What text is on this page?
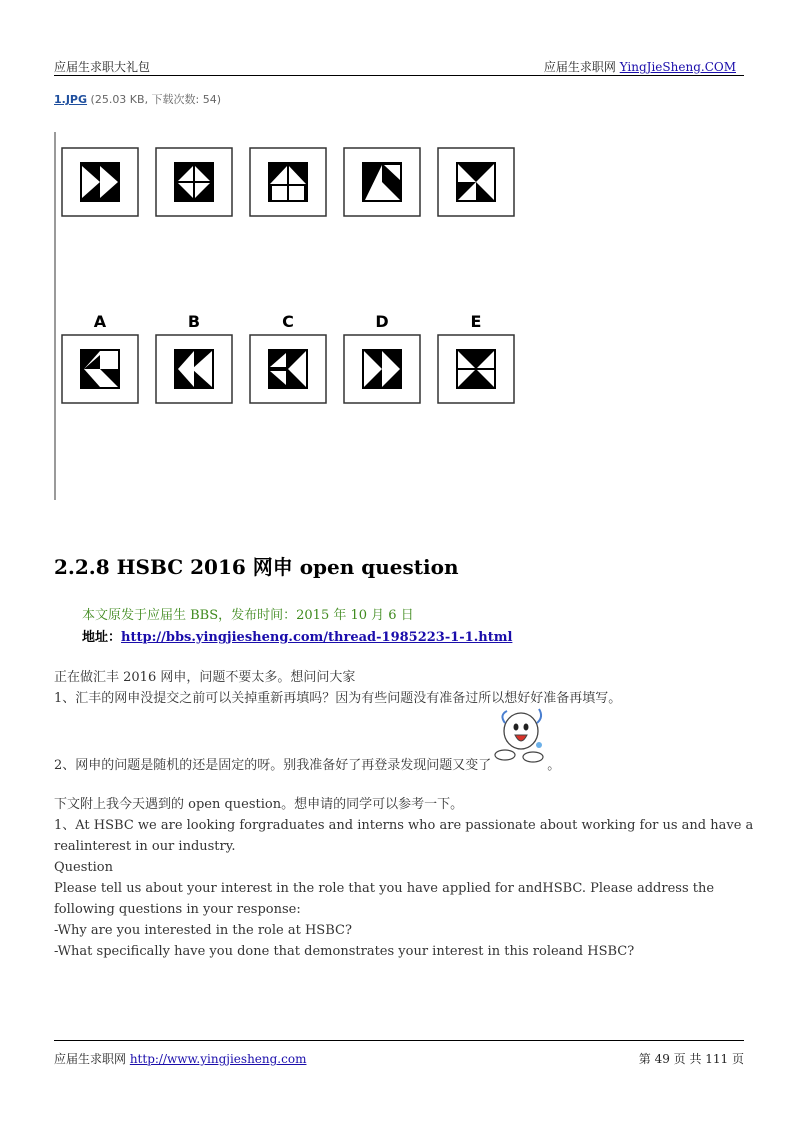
应届生求职大礼包	应届生求职网 YingJieSheng.COM
1.JPG (25.03 KB, 下载次数: 54)
A	B	C	D	E
2.2.8 HSBC 2016 网申 open question
本文原发于应届生 BBS，发布时间：2015 年 10 月 6 日
地址：http://bbs.yingjiesheng.com/thread-1985223-1-1.html
正在做汇丰 2016 网申，问题不要太多。想问问大家
1、汇丰的网申没提交之前可以关掉重新再填吗？因为有些问题没有准备过所以想好好准备再填写。
2、网申的问题是随机的还是固定的呀。别我准备好了再登录发现问题又变了	。
下文附上我今天遇到的 open question。想申请的同学可以参考一下。
1、At HSBC we are looking forgraduates and interns who are passionate about working for us and have a realinterest in our industry.
Question
Please tell us about your interest in the role that you have applied for andHSBC. Please address the following questions in your response:
-Why are you interested in the role at HSBC?
-What specifically have you done that demonstrates your interest in this roleand HSBC?
应届生求职网 http://www.yingjiesheng.com	第 49 页 共 111 页
